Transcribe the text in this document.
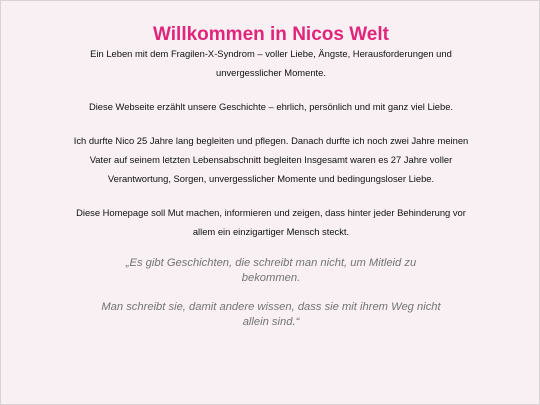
Willkommen in Nicos Welt

Ein Leben mit dem Fragilen-X-Syndrom – voller Liebe, Ängste, Herausforderungen und unvergesslicher Momente.

Diese Webseite erzählt unsere Geschichte – ehrlich, persönlich und mit ganz viel Liebe.

Ich durfte Nico 25 Jahre lang begleiten und pflegen. Danach durfte ich noch zwei Jahre meinen Vater auf seinem letzten Lebensabschnitt begleiten Insgesamt waren es 27 Jahre voller Verantwortung, Sorgen, unvergesslicher Momente und bedingungsloser Liebe.

Diese Homepage soll Mut machen, informieren und zeigen, dass hinter jeder Behinderung vor allem ein einzigartiger Mensch steckt.

„Es gibt Geschichten, die schreibt man nicht, um Mitleid zu bekommen.

Man schreibt sie, damit andere wissen, dass sie mit ihrem Weg nicht allein sind.“
